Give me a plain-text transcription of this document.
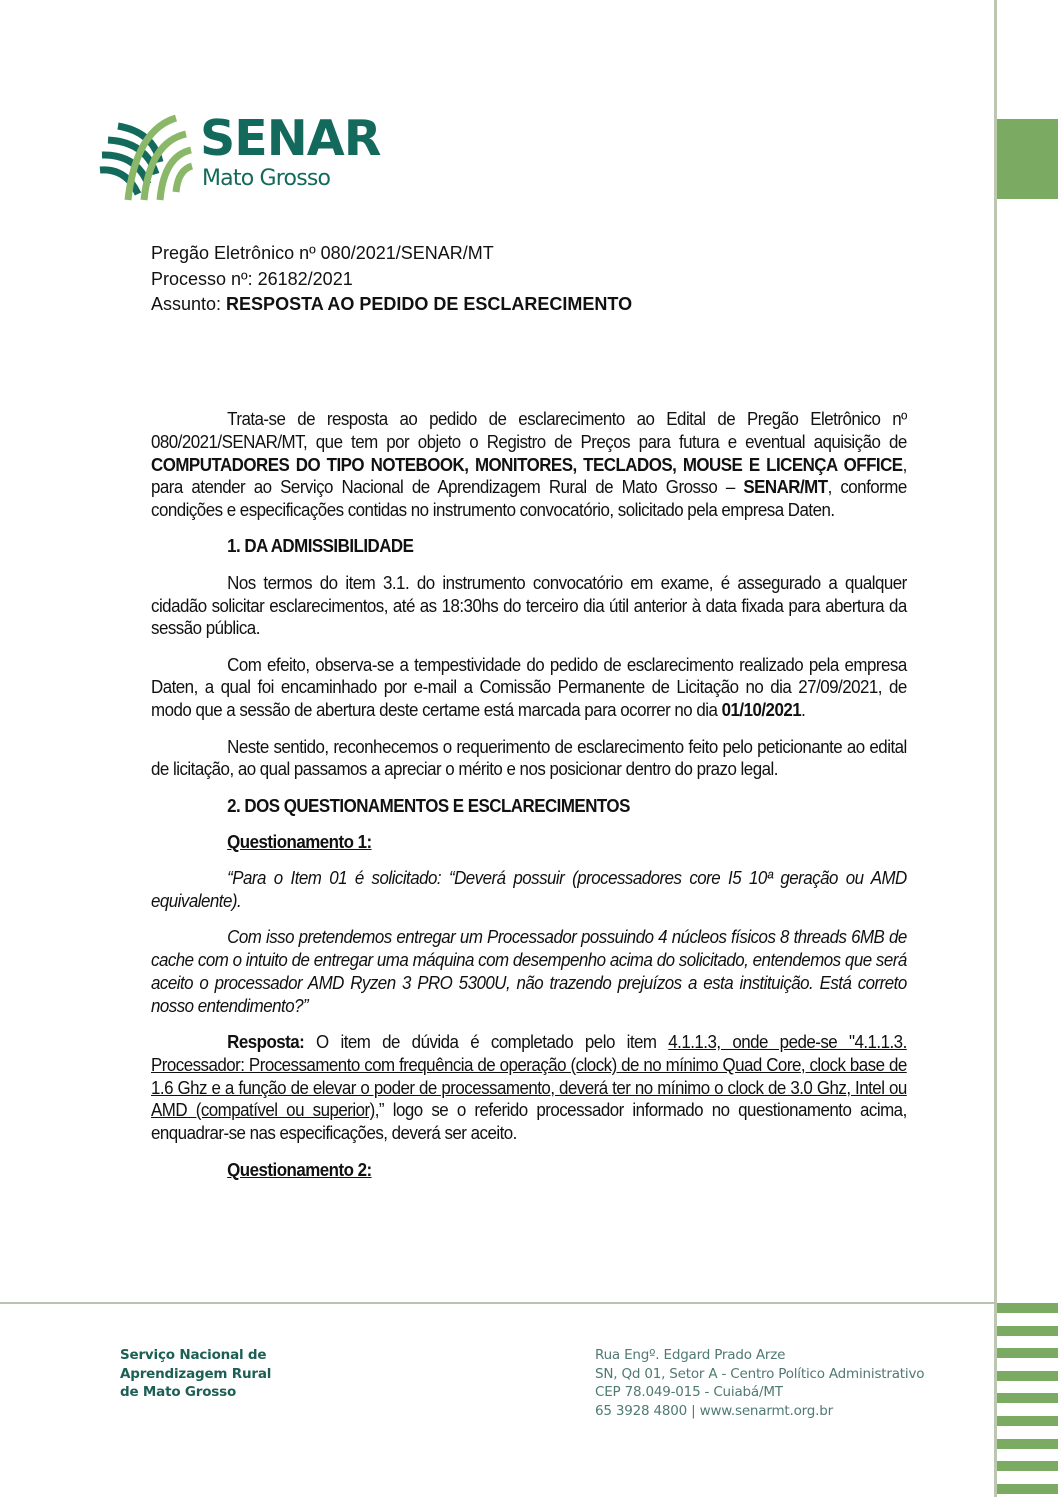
SENAR
Mato Grosso
Pregão Eletrônico nº 080/2021/SENAR/MT
Processo nº: 26182/2021
Assunto: RESPOSTA AO PEDIDO DE ESCLARECIMENTO

Trata-se de resposta ao pedido de esclarecimento ao Edital de Pregão Eletrônico nº 080/2021/SENAR/MT, que tem por objeto o Registro de Preços para futura e eventual aquisição de COMPUTADORES DO TIPO NOTEBOOK, MONITORES, TECLADOS, MOUSE E LICENÇA OFFICE, para atender ao Serviço Nacional de Aprendizagem Rural de Mato Grosso – SENAR/MT, conforme condições e especificações contidas no instrumento convocatório, solicitado pela empresa Daten.

1. DA ADMISSIBILIDADE

Nos termos do item 3.1. do instrumento convocatório em exame, é assegurado a qualquer cidadão solicitar esclarecimentos, até as 18:30hs do terceiro dia útil anterior à data fixada para abertura da sessão pública.

Com efeito, observa-se a tempestividade do pedido de esclarecimento realizado pela empresa Daten, a qual foi encaminhado por e-mail a Comissão Permanente de Licitação no dia 27/09/2021, de modo que a sessão de abertura deste certame está marcada para ocorrer no dia 01/10/2021.

Neste sentido, reconhecemos o requerimento de esclarecimento feito pelo peticionante ao edital de licitação, ao qual passamos a apreciar o mérito e nos posicionar dentro do prazo legal.

2. DOS QUESTIONAMENTOS E ESCLARECIMENTOS
Questionamento 1:

“Para o Item 01 é solicitado: “Deverá possuir (processadores core I5 10ª geração ou AMD equivalente).

Com isso pretendemos entregar um Processador possuindo 4 núcleos físicos 8 threads 6MB de cache com o intuito de entregar uma máquina com desempenho acima do solicitado, entendemos que será aceito o processador AMD Ryzen 3 PRO 5300U, não trazendo prejuízos a esta instituição. Está correto nosso entendimento?”

Resposta: O item de dúvida é completado pelo item 4.1.1.3, onde pede-se "4.1.1.3. Processador: Processamento com frequência de operação (clock) de no mínimo Quad Core, clock base de 1.6 Ghz e a função de elevar o poder de processamento, deverá ter no mínimo o clock de 3.0 Ghz, Intel ou AMD (compatível ou superior),” logo se o referido processador informado no questionamento acima, enquadrar-se nas especificações, deverá ser aceito.

Questionamento 2:
Serviço Nacional de
Aprendizagem Rural
de Mato Grosso
Rua Engº. Edgard Prado Arze
SN, Qd 01, Setor A - Centro Político Administrativo
CEP 78.049-015 - Cuiabá/MT
65 3928 4800 | www.senarmt.org.br
